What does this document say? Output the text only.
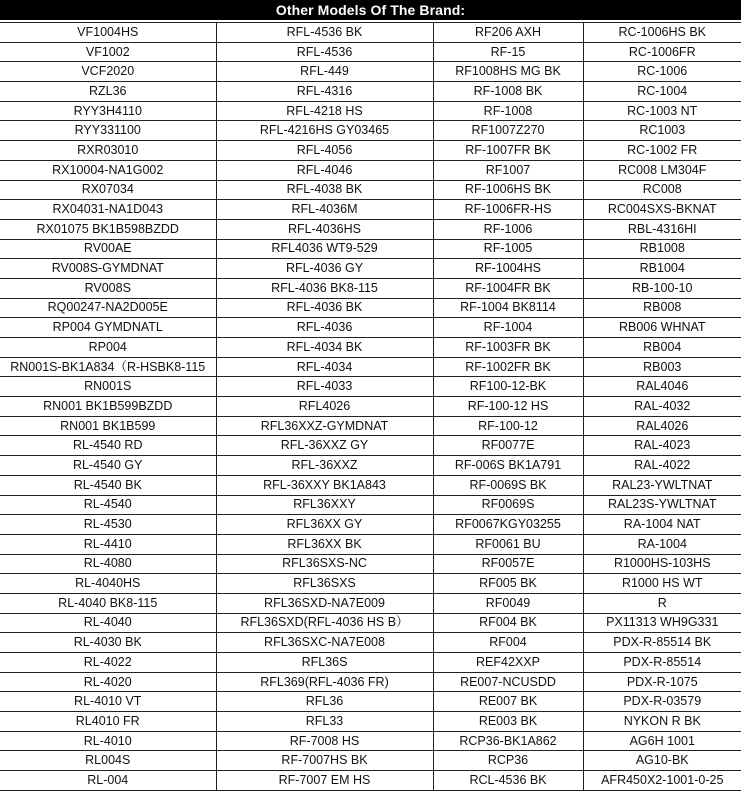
Other Models Of The Brand:
VF1004HS	RFL-4536 BK	RF206 AXH	RC-1006HS BK
VF1002	RFL-4536	RF-15	RC-1006FR
VCF2020	RFL-449	RF1008HS MG BK	RC-1006
RZL36	RFL-4316	RF-1008 BK	RC-1004
RYY3H4110	RFL-4218 HS	RF-1008	RC-1003 NT
RYY331100	RFL-4216HS GY03465	RF1007Z270	RC1003
RXR03010	RFL-4056	RF-1007FR BK	RC-1002 FR
RX10004-NA1G002	RFL-4046	RF1007	RC008 LM304F
RX07034	RFL-4038 BK	RF-1006HS BK	RC008
RX04031-NA1D043	RFL-4036M	RF-1006FR-HS	RC004SXS-BKNAT
RX01075 BK1B598BZDD	RFL-4036HS	RF-1006	RBL-4316HI
RV00AE	RFL4036 WT9-529	RF-1005	RB1008
RV008S-GYMDNAT	RFL-4036 GY	RF-1004HS	RB1004
RV008S	RFL-4036 BK8-115	RF-1004FR BK	RB-100-10
RQ00247-NA2D005E	RFL-4036 BK	RF-1004 BK8114	RB008
RP004 GYMDNATL	RFL-4036	RF-1004	RB006 WHNAT
RP004	RFL-4034 BK	RF-1003FR BK	RB004
RN001S-BK1A834（R-HSBK8-115	RFL-4034	RF-1002FR BK	RB003
RN001S	RFL-4033	RF100-12-BK	RAL4046
RN001 BK1B599BZDD	RFL4026	RF-100-12 HS	RAL-4032
RN001 BK1B599	RFL36XXZ-GYMDNAT	RF-100-12	RAL4026
RL-4540 RD	RFL-36XXZ GY	RF0077E	RAL-4023
RL-4540 GY	RFL-36XXZ	RF-006S BK1A791	RAL-4022
RL-4540 BK	RFL-36XXY BK1A843	RF-0069S BK	RAL23-YWLTNAT
RL-4540	RFL36XXY	RF0069S	RAL23S-YWLTNAT
RL-4530	RFL36XX GY	RF0067KGY03255	RA-1004 NAT
RL-4410	RFL36XX BK	RF0061 BU	RA-1004
RL-4080	RFL36SXS-NC	RF0057E	R1000HS-103HS
RL-4040HS	RFL36SXS	RF005 BK	R1000 HS WT
RL-4040 BK8-115	RFL36SXD-NA7E009	RF0049	R
RL-4040	RFL36SXD(RFL-4036 HS B）	RF004 BK	PX11313 WH9G331
RL-4030 BK	RFL36SXC-NA7E008	RF004	PDX-R-85514 BK
RL-4022	RFL36S	REF42XXP	PDX-R-85514
RL-4020	RFL369(RFL-4036 FR)	RE007-NCUSDD	PDX-R-1075
RL-4010 VT	RFL36	RE007 BK	PDX-R-03579
RL4010 FR	RFL33	RE003 BK	NYKON R BK
RL-4010	RF-7008 HS	RCP36-BK1A862	AG6H 1001
RL004S	RF-7007HS BK	RCP36	AG10-BK
RL-004	RF-7007 EM HS	RCL-4536 BK	AFR450X2-1001-0-25
